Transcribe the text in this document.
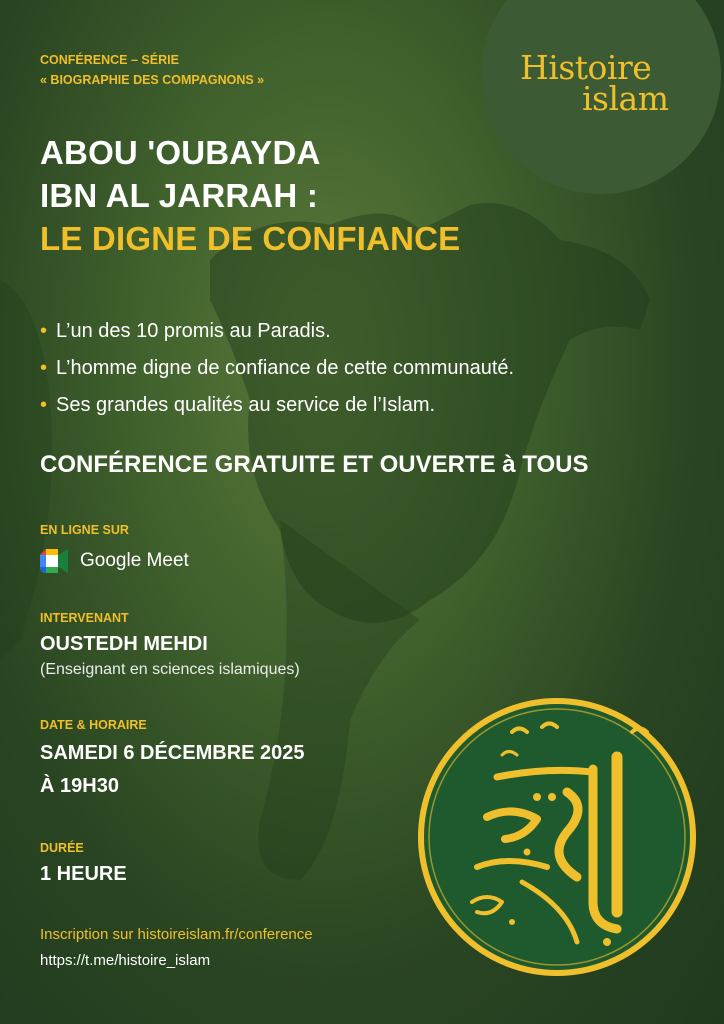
Histoire
islam
CONFÉRENCE – SÉRIE
« BIOGRAPHIE DES COMPAGNONS »
ABOU 'OUBAYDA
IBN AL JARRAH :
LE DIGNE DE CONFIANCE
• L’un des 10 promis au Paradis.
• L’homme digne de confiance de cette communauté.
• Ses grandes qualités au service de l’Islam.
CONFÉRENCE GRATUITE ET OUVERTE à TOUS
EN LIGNE SUR
Google Meet
INTERVENANT
OUSTEDH MEHDI
(Enseignant en sciences islamiques)
DATE & HORAIRE
SAMEDI 6 DÉCEMBRE 2025
À 19H30
DURÉE
1 HEURE
Inscription sur histoireislam.fr/conference
https://t.me/histoire_islam
